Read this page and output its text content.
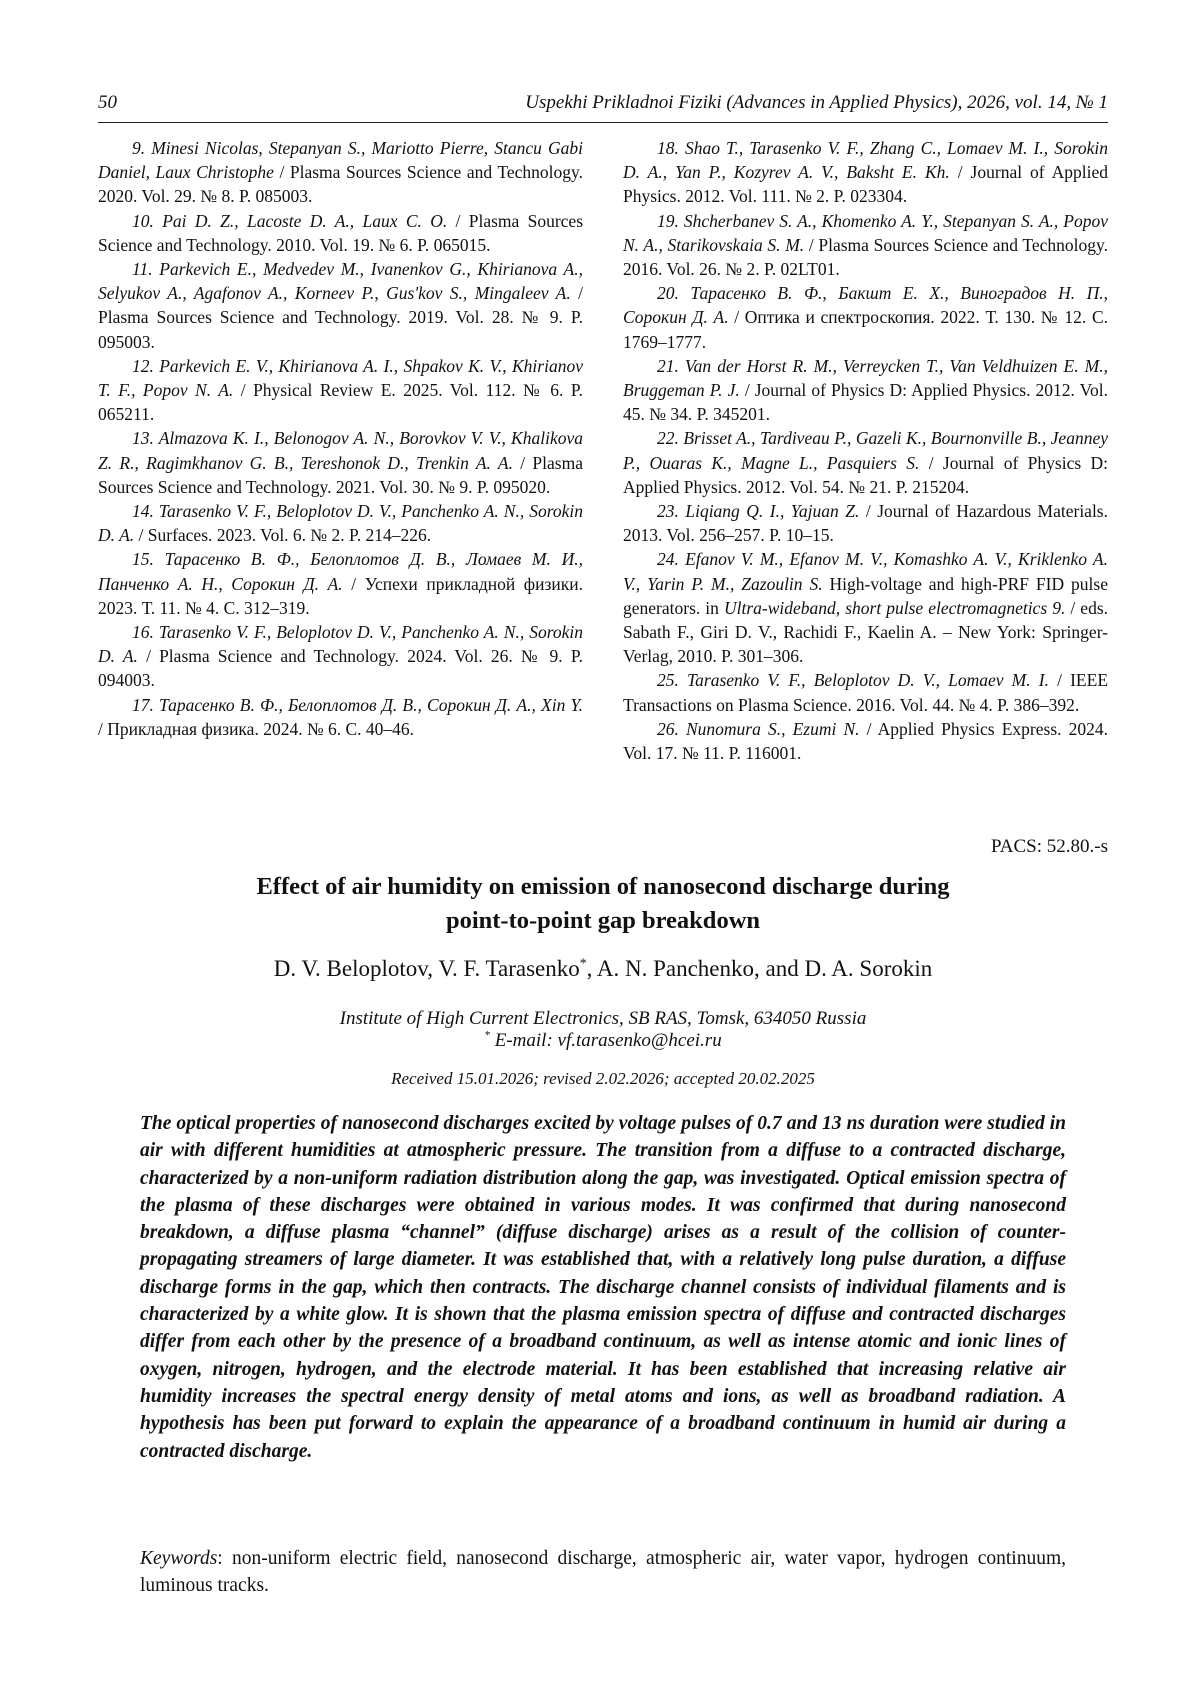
50	Uspekhi Prikladnoi Fiziki (Advances in Applied Physics), 2026, vol. 14, № 1

9. Minesi Nicolas, Stepanyan S., Mariotto Pierre, Stancu Gabi Daniel, Laux Christophe / Plasma Sources Science and Technology. 2020. Vol. 29. № 8. P. 085003.

10. Pai D. Z., Lacoste D. A., Laux C. O. / Plasma Sources Science and Technology. 2010. Vol. 19. № 6. P. 065015.

11. Parkevich E., Medvedev M., Ivanenkov G., Khirianova A., Selyukov A., Agafonov A., Korneev P., Gus'kov S., Mingaleev A. / Plasma Sources Science and Technology. 2019. Vol. 28. № 9. P. 095003.

12. Parkevich E. V., Khirianova A. I., Shpakov K. V., Khirianov T. F., Popov N. A. / Physical Review E. 2025. Vol. 112. № 6. P. 065211.

13. Almazova K. I., Belonogov A. N., Borovkov V. V., Khalikova Z. R., Ragimkhanov G. B., Tereshonok D., Trenkin A. A. / Plasma Sources Science and Technology. 2021. Vol. 30. № 9. P. 095020.

14. Tarasenko V. F., Beloplotov D. V., Panchenko A. N., Sorokin D. A. / Surfaces. 2023. Vol. 6. № 2. P. 214–226.

15. Тарасенко В. Ф., Белоплотов Д. В., Ломаев М. И., Панченко А. Н., Сорокин Д. А. / Успехи прикладной физики. 2023. Т. 11. № 4. С. 312–319.

16. Tarasenko V. F., Beloplotov D. V., Panchenko A. N., Sorokin D. A. / Plasma Science and Technology. 2024. Vol. 26. № 9. P. 094003.

17. Тарасенко В. Ф., Белоплотов Д. В., Сорокин Д. А., Xin Y. / Прикладная физика. 2024. № 6. С. 40–46.

18. Shao T., Tarasenko V. F., Zhang C., Lomaev M. I., Sorokin D. A., Yan P., Kozyrev A. V., Baksht E. Kh. / Journal of Applied Physics. 2012. Vol. 111. № 2. P. 023304.

19. Shcherbanev S. A., Khomenko A. Y., Stepanyan S. A., Popov N. A., Starikovskaia S. M. / Plasma Sources Science and Technology. 2016. Vol. 26. № 2. P. 02LT01.

20. Тарасенко В. Ф., Бакшт Е. Х., Виноградов Н. П., Сорокин Д. А. / Оптика и спектроскопия. 2022. Т. 130. № 12. С. 1769–1777.

21. Van der Horst R. M., Verreycken T., Van Veldhuizen E. M., Bruggeman P. J. / Journal of Physics D: Applied Physics. 2012. Vol. 45. № 34. P. 345201.

22. Brisset A., Tardiveau P., Gazeli K., Bournonville B., Jeanney P., Ouaras K., Magne L., Pasquiers S. / Journal of Physics D: Applied Physics. 2012. Vol. 54. № 21. P. 215204.

23. Liqiang Q. I., Yajuan Z. / Journal of Hazardous Materials. 2013. Vol. 256–257. P. 10–15.

24. Efanov V. M., Efanov M. V., Komashko A. V., Kriklenko A. V., Yarin P. M., Zazoulin S. High-voltage and high-PRF FID pulse generators. in Ultra-wideband, short pulse electromagnetics 9. / eds. Sabath F., Giri D. V., Rachidi F., Kaelin A. – New York: Springer-Verlag, 2010. P. 301–306.

25. Tarasenko V. F., Beloplotov D. V., Lomaev M. I. / IEEE Transactions on Plasma Science. 2016. Vol. 44. № 4. P. 386–392.

26. Nunomura S., Ezumi N. / Applied Physics Express. 2024. Vol. 17. № 11. P. 116001.

PACS: 52.80.-s
Effect of air humidity on emission of nanosecond discharge during
point-to-point gap breakdown
D. V. Beloplotov, V. F. Tarasenko*, A. N. Panchenko, and D. A. Sorokin
Institute of High Current Electronics, SB RAS, Tomsk, 634050 Russia
* E-mail: vf.tarasenko@hcei.ru
Received 15.01.2026; revised 2.02.2026; accepted 20.02.2025

The optical properties of nanosecond discharges excited by voltage pulses of 0.7 and 13 ns duration were studied in air with different humidities at atmospheric pressure. The transition from a diffuse to a contracted discharge, characterized by a non-uniform radiation distribution along the gap, was investigated. Optical emission spectra of the plasma of these discharges were obtained in various modes. It was confirmed that during nanosecond breakdown, a diffuse plasma “channel” (diffuse discharge) arises as a result of the collision of counter-propagating streamers of large diameter. It was established that, with a relatively long pulse duration, a diffuse discharge forms in the gap, which then contracts. The discharge channel consists of individual filaments and is characterized by a white glow. It is shown that the plasma emission spectra of diffuse and contracted discharges differ from each other by the presence of a broadband continuum, as well as intense atomic and ionic lines of oxygen, nitrogen, hydrogen, and the electrode material. It has been established that increasing relative air humidity increases the spectral energy density of metal atoms and ions, as well as broadband radiation. A hypothesis has been put forward to explain the appearance of a broadband continuum in humid air during a contracted discharge.

Keywords: non-uniform electric field, nanosecond discharge, atmospheric air, water vapor, hydrogen continuum, luminous tracks.
